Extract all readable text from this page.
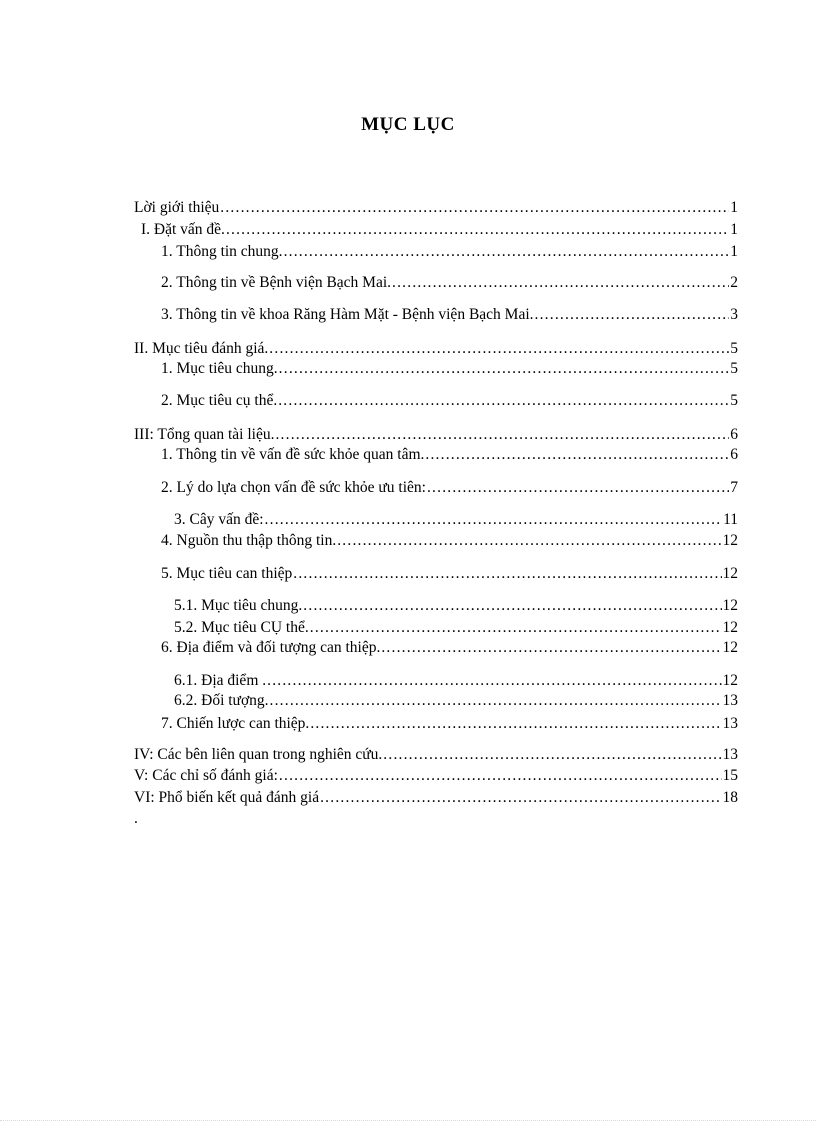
MỤC LỤC
Lời giới thiệu .....	1
I. Đặt vấn đề. .....	1
1. Thông tin chung. .....	1
2. Thông tin về Bệnh viện Bạch Mai. .....	2
3. Thông tin về khoa Răng Hàm Mặt - Bệnh viện Bạch Mai. .....	3
II. Mục tiêu đánh giá. .....	5
1. Mục tiêu chung. .....	5
2. Mục tiêu cụ thể. .....	5
III: Tổng quan tài liệu. .....	6
1. Thông tin về vấn đề sức khỏe quan tâm. .....	6
2. Lý do lựa chọn vấn đề sức khỏe ưu tiên: .....	7
3. Cây vấn đề: .....	11
4. Nguồn thu thập thông tin. .....	12
5. Mục tiêu can thiệp .....	12
5.1. Mục tiêu chung. .....	12
5.2. Mục tiêu CỤ thể. .....	12
6. Địa điểm và đối tượng can thiệp. .....	12
6.1. Địa điểm . .....	12
6.2. Đối tượng. .....	13
7. Chiến lược can thiệp. .....	13
IV: Các bên liên quan trong nghiên cứu. .....	13
V: Các chỉ số đánh giá: .....	15
VI: Phổ biến kết quả đánh giá .....	18
.
